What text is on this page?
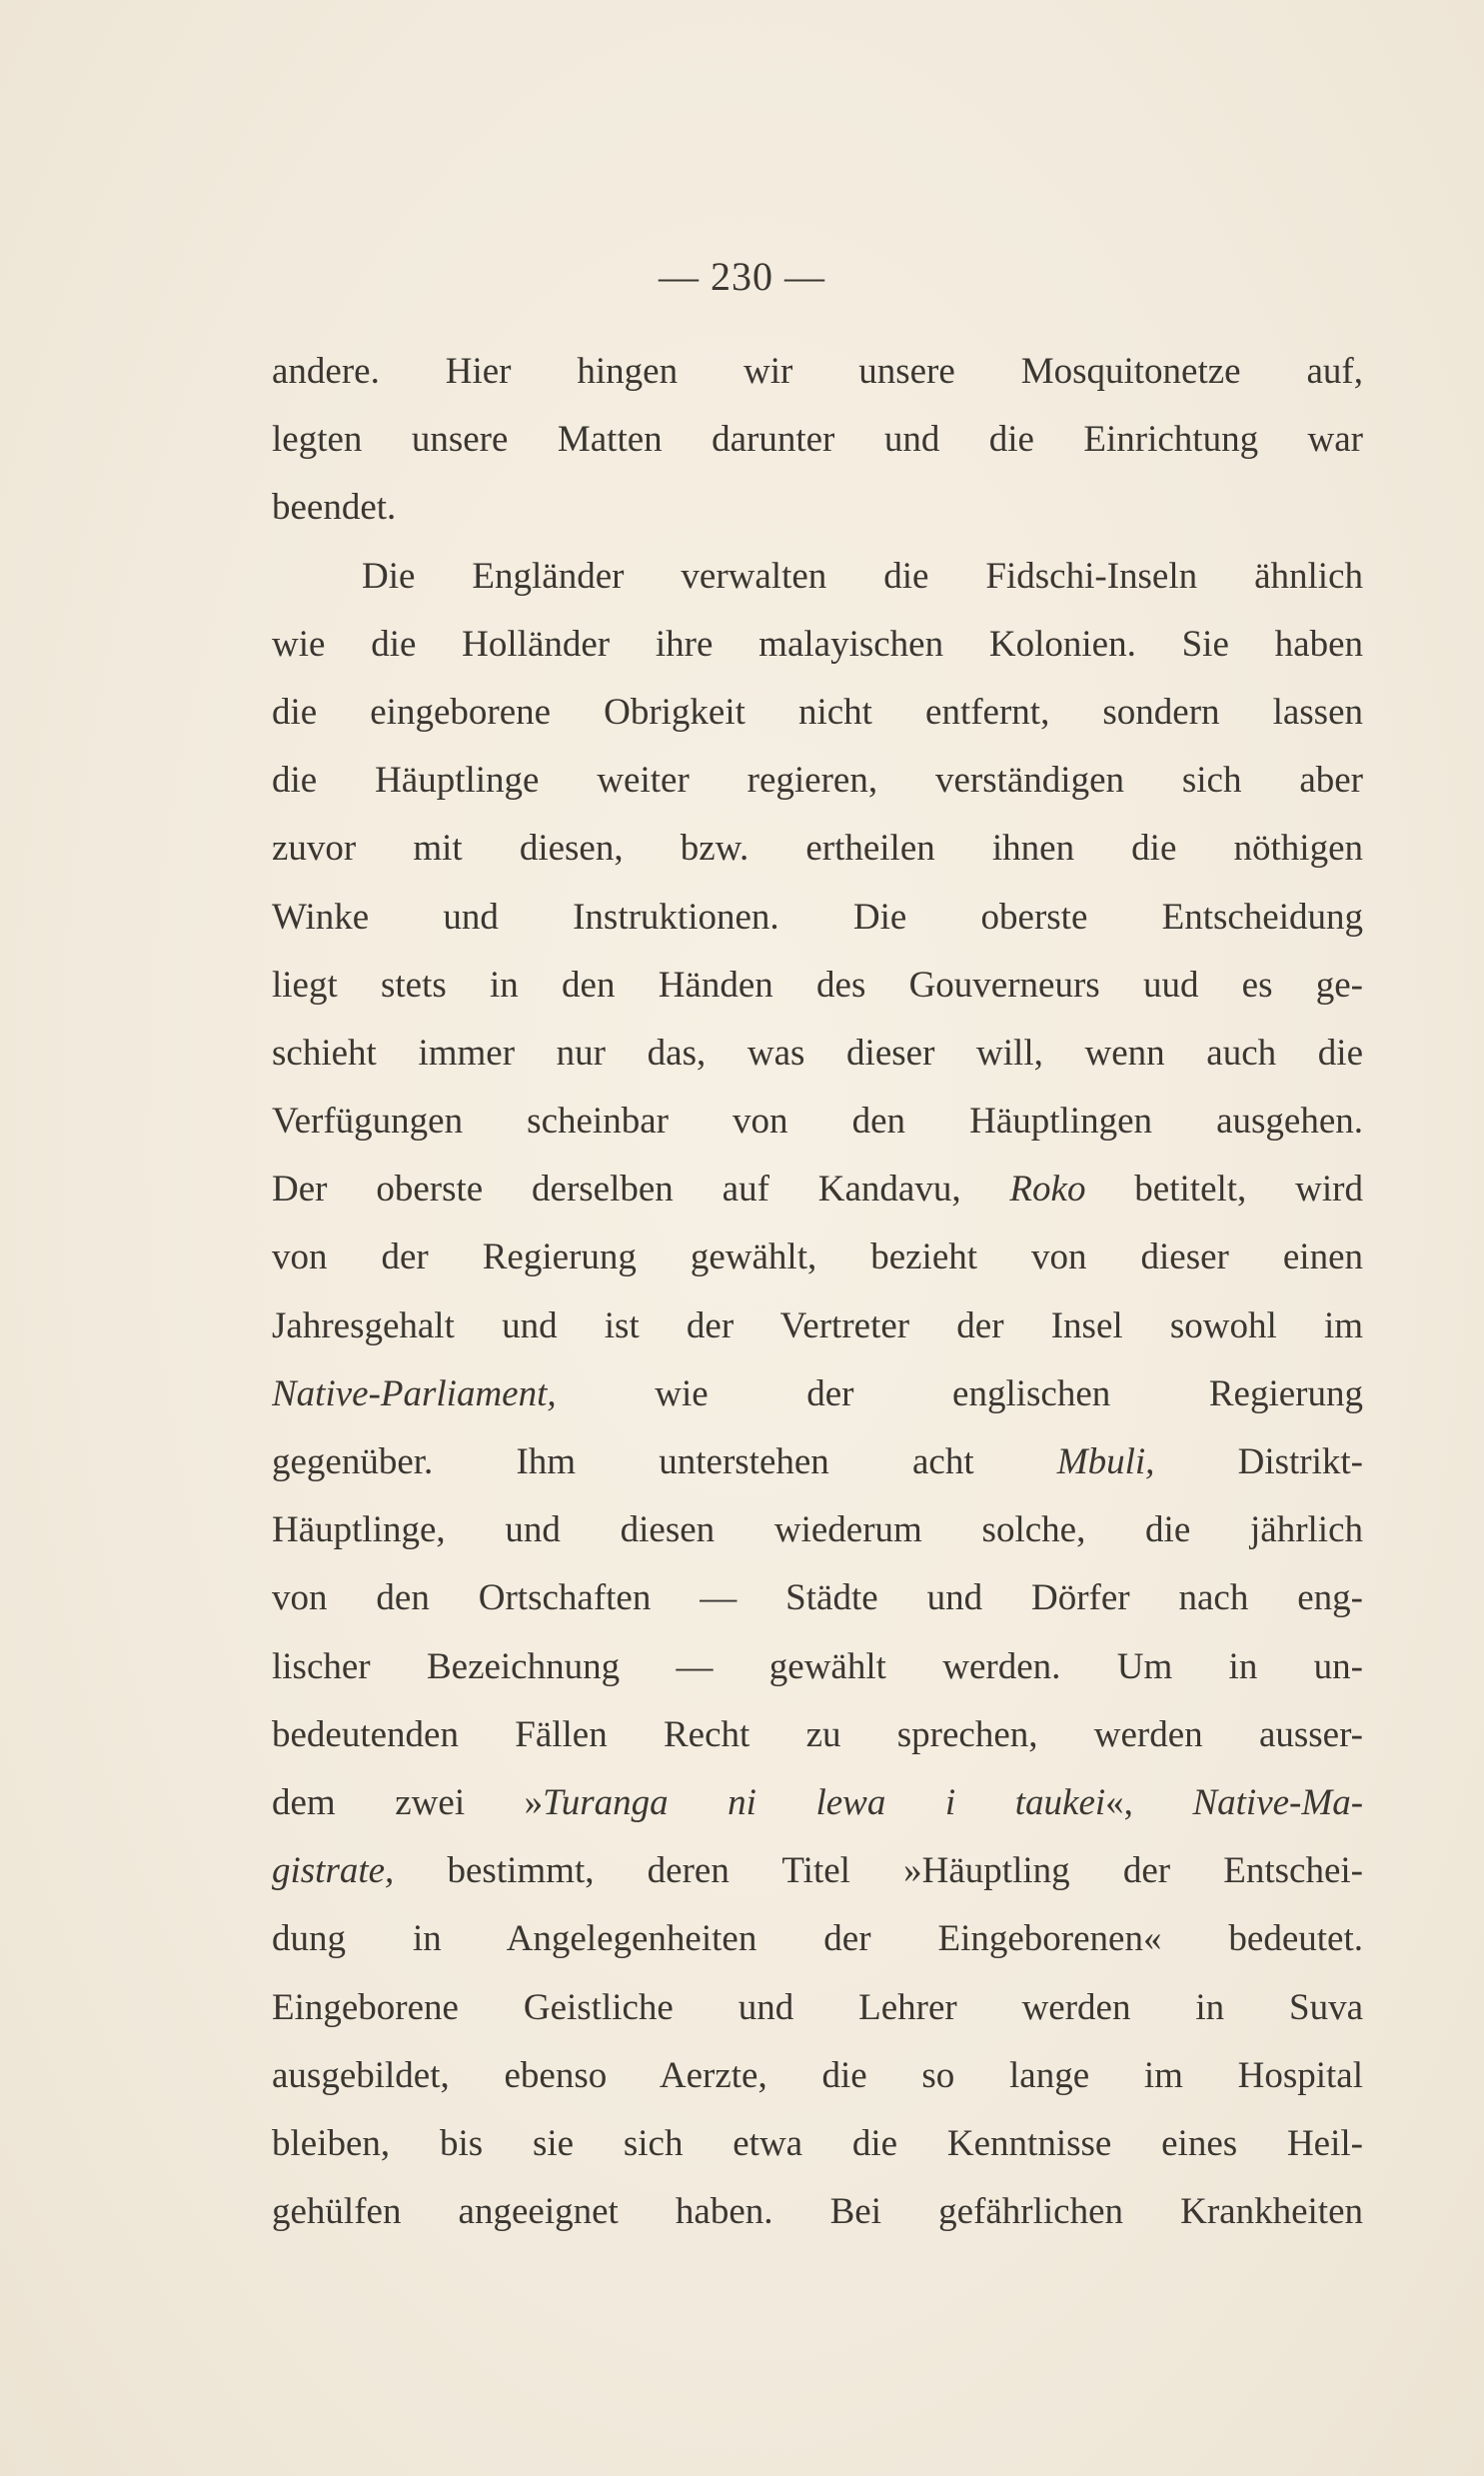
— 230 —
andere. Hier hingen wir unsere Mosquitonetze auf,
legten unsere Matten darunter und die Einrichtung war
beendet.
Die Engländer verwalten die Fidschi-Inseln ähnlich
wie die Holländer ihre malayischen Kolonien. Sie haben
die eingeborene Obrigkeit nicht entfernt, sondern lassen
die Häuptlinge weiter regieren, verständigen sich aber
zuvor mit diesen, bzw. ertheilen ihnen die nöthigen
Winke und Instruktionen. Die oberste Entscheidung
liegt stets in den Händen des Gouverneurs uud es ge-
schieht immer nur das, was dieser will, wenn auch die
Verfügungen scheinbar von den Häuptlingen ausgehen.
Der oberste derselben auf Kandavu, Roko betitelt, wird
von der Regierung gewählt, bezieht von dieser einen
Jahresgehalt und ist der Vertreter der Insel sowohl im
Native-Parliament, wie der englischen Regierung
gegenüber. Ihm unterstehen acht Mbuli, Distrikt-
Häuptlinge, und diesen wiederum solche, die jährlich
von den Ortschaften — Städte und Dörfer nach eng-
lischer Bezeichnung — gewählt werden. Um in un-
bedeutenden Fällen Recht zu sprechen, werden ausser-
dem zwei »Turanga ni lewa i taukei«, Native-Ma-
gistrate, bestimmt, deren Titel »Häuptling der Entschei-
dung in Angelegenheiten der Eingeborenen« bedeutet.
Eingeborene Geistliche und Lehrer werden in Suva
ausgebildet, ebenso Aerzte, die so lange im Hospital
bleiben, bis sie sich etwa die Kenntnisse eines Heil-
gehülfen angeeignet haben. Bei gefährlichen Krankheiten
